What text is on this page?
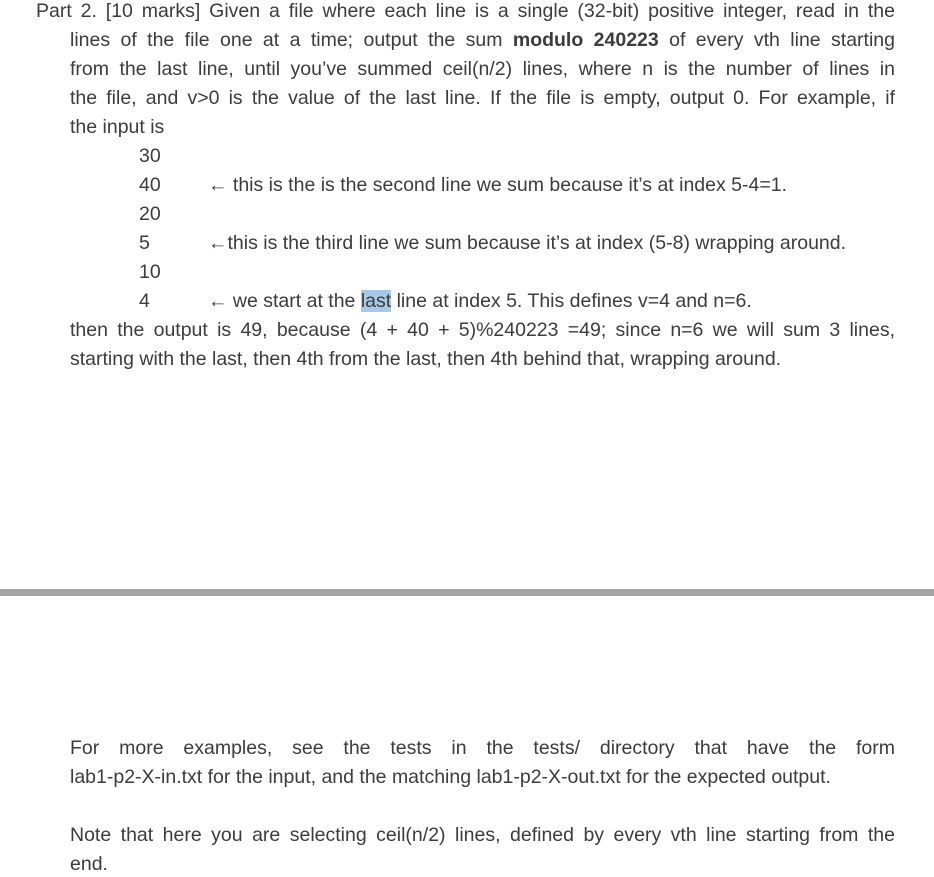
Part 2. [10 marks] Given a file where each line is a single (32-bit) positive integer, read in the
lines of the file one at a time; output the sum modulo 240223 of every vth line starting
from the last line, until you’ve summed ceil(n/2) lines, where n is the number of lines in
the file, and v>0 is the value of the last line. If the file is empty, output 0. For example, if
the input is
30
40
20
5
10
4
← this is the is the second line we sum because it’s at index 5-4=1.
←this is the third line we sum because it’s at index (5-8) wrapping around.
← we start at the last line at index 5. This defines v=4 and n=6.
then the output is 49, because (4 + 40 + 5)%240223 =49; since n=6 we will sum 3 lines,
starting with the last, then 4th from the last, then 4th behind that, wrapping around.
For more examples, see the tests in the tests/ directory that have the form
lab1-p2-X-in.txt for the input, and the matching lab1-p2-X-out.txt for the expected output.
Note that here you are selecting ceil(n/2) lines, defined by every vth line starting from the
end.
